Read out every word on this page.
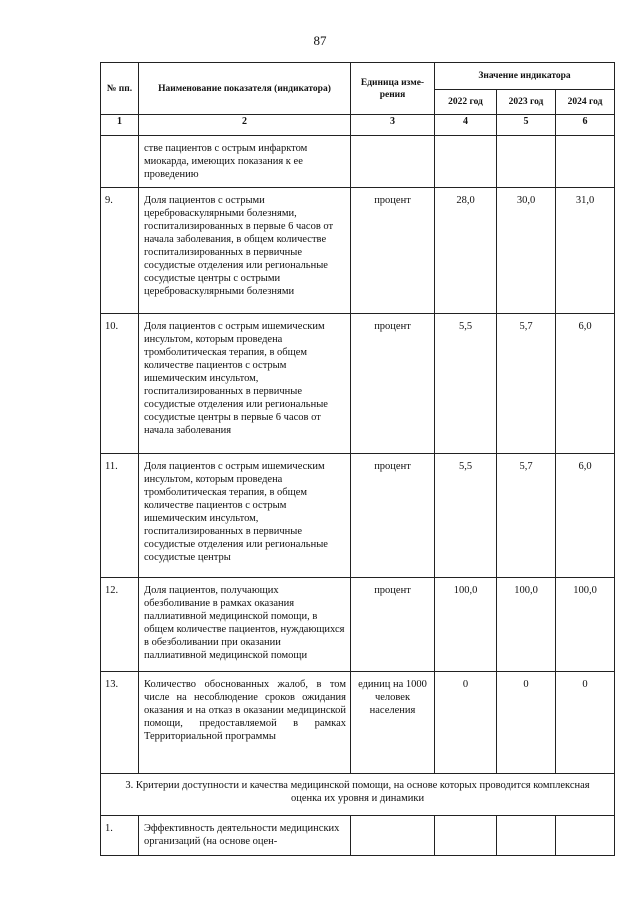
87
№ пп.	Наименование показателя (индикатора)	Единица изме-рения	Значение индикатора		
			2022 год	2023 год	2024 год
1	2	3	4	5	6
	стве пациентов с острым инфарктом миокарда, имеющих показания к ее проведению				
9.	Доля пациентов с острыми цереброваскулярными болезнями, госпитализированных в первые 6 часов от начала заболевания, в общем количестве госпитализированных в первичные сосудистые отделения или региональные сосудистые центры с острыми цереброваскулярными болезнями	процент	28,0	30,0	31,0
10.	Доля пациентов с острым ишемическим инсультом, которым проведена тромболитическая терапия, в общем количестве пациентов с острым ишемическим инсультом, госпитализированных в первичные сосудистые отделения или региональные сосудистые центры в первые 6 часов от начала заболевания	процент	5,5	5,7	6,0
11.	Доля пациентов с острым ишемическим инсультом, которым проведена тромболитическая терапия, в общем количестве пациентов с острым ишемическим инсультом, госпитализированных в первичные сосудистые отделения или региональные сосудистые центры	процент	5,5	5,7	6,0
12.	Доля пациентов, получающих обезболивание в рамках оказания паллиативной медицинской помощи, в общем количестве пациентов, нуждающихся в обезболивании при оказании паллиативной медицинской помощи	процент	100,0	100,0	100,0
13.	Количество обоснованных жалоб, в том числе на несоблюдение сроков ожидания оказания и на отказ в оказании медицинской помощи, предоставляемой в рамках Территориальной программы	единиц на 1000 человек населения	0	0	0
3. Критерии доступности и качества медицинской помощи, на основе которых проводится комплексная оценка их уровня и динамики					
1.	Эффективность деятельности медицинских организаций (на основе оцен-				
